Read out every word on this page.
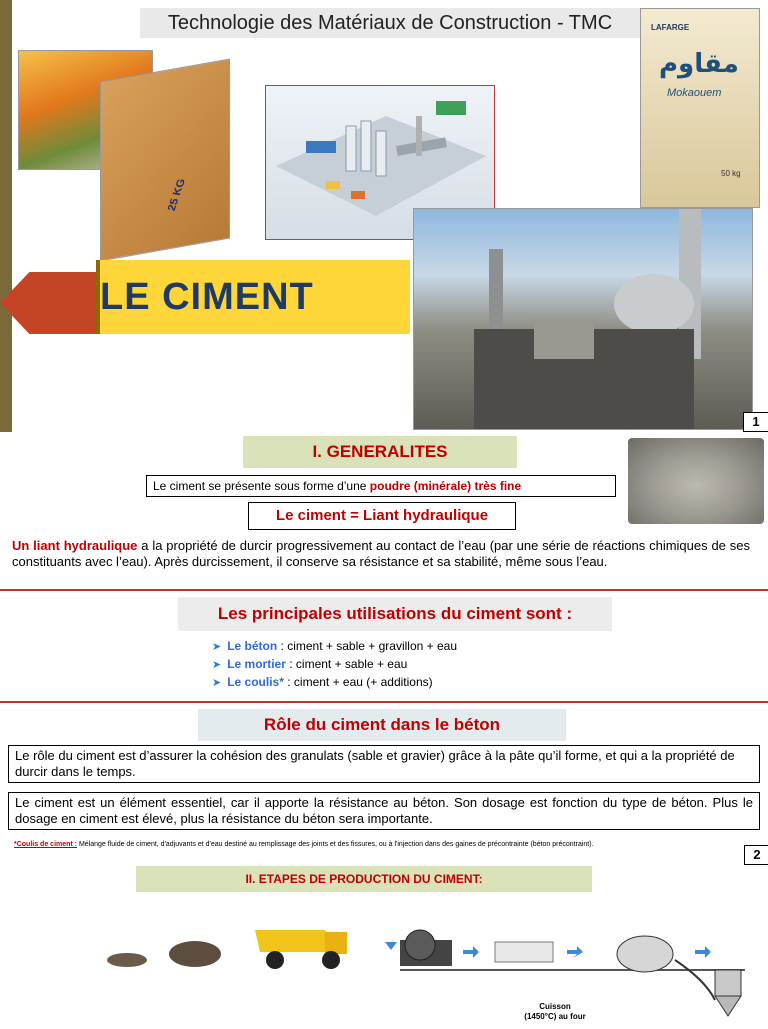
Technologie des Matériaux de Construction - TMC
25 KG
LAFARGE
مقاوم
Mokaouem
50 kg
LE CIMENT
1
I. GENERALITES
Le ciment se présente sous forme d’une poudre (minérale) très fine
Le ciment = Liant hydraulique
Un liant hydraulique a la propriété de durcir progressivement au contact de l’eau (par une série de réactions chimiques de ses constituants avec l’eau). Après durcissement, il conserve sa résistance et sa stabilité, même sous l’eau.
Les principales utilisations du ciment sont :
➤ Le béton : ciment + sable + gravillon + eau
➤ Le mortier : ciment + sable + eau
➤ Le coulis* : ciment + eau (+ additions)
Rôle du ciment dans le béton
Le rôle du ciment est d’assurer la cohésion des granulats (sable et gravier) grâce à la pâte qu’il forme, et qui a la propriété de durcir dans le temps.
Le ciment est un élément essentiel, car il apporte la résistance au béton. Son dosage est fonction du type de béton. Plus le dosage en ciment est élevé, plus la résistance du béton sera importante.
*Coulis de ciment : Mélange fluide de ciment, d'adjuvants et d'eau destiné au remplissage des joints et des fissures, ou à l'injection dans des gaines de précontrainte (béton précontraint).
2
II. ETAPES DE PRODUCTION DU CIMENT:
Cuisson
(1450°C) au four
